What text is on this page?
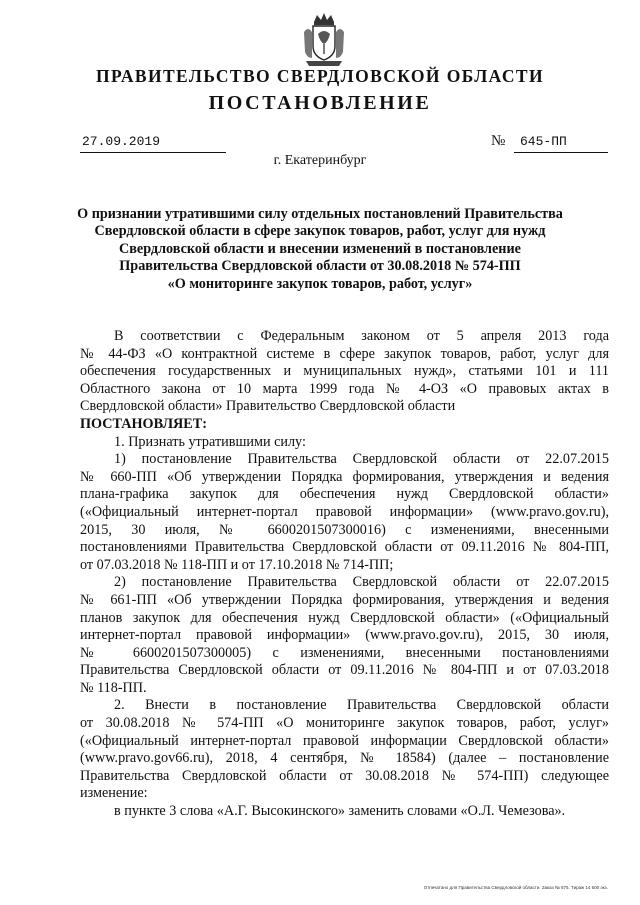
ПРАВИТЕЛЬСТВО СВЕРДЛОВСКОЙ ОБЛАСТИ
ПОСТАНОВЛЕНИЕ
27.09.2019	№ 645-ПП
г. Екатеринбург
О признании утратившими силу отдельных постановлений Правительства
Свердловской области в сфере закупок товаров, работ, услуг для нужд
Свердловской области и внесении изменений в постановление
Правительства Свердловской области от 30.08.2018 № 574-ПП
«О мониторинге закупок товаров, работ, услуг»
В соответствии с Федеральным законом от 5 апреля 2013 года
№ 44-ФЗ «О контрактной системе в сфере закупок товаров, работ, услуг для
обеспечения государственных и муниципальных нужд», статьями 101 и 111
Областного закона от 10 марта 1999 года № 4-ОЗ «О правовых актах в
Свердловской области» Правительство Свердловской области
ПОСТАНОВЛЯЕТ:
1. Признать утратившими силу:
1) постановление Правительства Свердловской области от 22.07.2015
№ 660-ПП «Об утверждении Порядка формирования, утверждения и ведения
плана-графика закупок для обеспечения нужд Свердловской области»
(«Официальный интернет-портал правовой информации» (www.pravo.gov.ru),
2015, 30 июля, № 6600201507300016) с изменениями, внесенными
постановлениями Правительства Свердловской области от 09.11.2016 № 804-ПП,
от 07.03.2018 № 118-ПП и от 17.10.2018 № 714-ПП;
2) постановление Правительства Свердловской области от 22.07.2015
№ 661-ПП «Об утверждении Порядка формирования, утверждения и ведения
планов закупок для обеспечения нужд Свердловской области» («Официальный
интернет-портал правовой информации» (www.pravo.gov.ru), 2015, 30 июля,
№ 6600201507300005) с изменениями, внесенными постановлениями
Правительства Свердловской области от 09.11.2016 № 804-ПП и от 07.03.2018
№ 118-ПП.
2. Внести в постановление Правительства Свердловской области
от 30.08.2018 № 574-ПП «О мониторинге закупок товаров, работ, услуг»
(«Официальный интернет-портал правовой информации Свердловской области»
(www.pravo.gov66.ru), 2018, 4 сентября, № 18584) (далее – постановление
Правительства Свердловской области от 30.08.2018 № 574-ПП) следующее
изменение:
в пункте 3 слова «А.Г. Высокинского» заменить словами «О.Л. Чемезова».
Отпечатано для Правительства Свердловской области. Заказ № 875. Тираж 14 600 экз.
